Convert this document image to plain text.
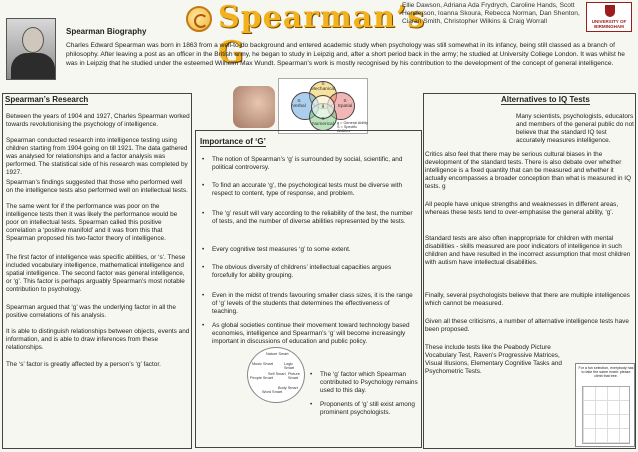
Spearman’s G
Ellie Dawson, Adriana Ada Frydrych, Caroline Hands, Scott Henderson, Ioanna Skoura, Rebecca Norman, Dan Shenton, Ciaran Smith, Christopher Wilkins & Craig Worrall	UNIVERSITY OF BIRMINGHAM
Spearman Biography
Charles Edward Spearman was born in 1863 from a well-to-do background and entered academic study when psychology was still somewhat in its infancy, being still classed as a branch of philosophy. After leaving a post as an officer in the British army, he began to study in Leipzig and, after a short period back in the army; he studied at University College London. It was whilst he was in Leipzig that he studied under the esteemed Wilhelm Max Wundt. Spearman’s work is mostly recognised by his contribution to the development of the concept of general intelligence.
Spearman’s Research
Between the years of 1904 and 1927, Charles Spearman worked towards revolutionising the psychology of intelligence.
Spearman conducted research into intelligence testing using children starting from 1904 going on till 1921. The data gathered was analysed for relationships and a factor analysis was performed. The statistical side of his research was completed by 1927.
Spearman’s findings suggested that those who performed well on the intelligence tests also performed well on intellectual tests.
The same went for if the performance was poor on the intelligence tests then it was likely the performance would be poor on intellectual tests. Spearman called this positive correlation a ‘positive manifold’ and it was from this that Spearman proposed his two-factor theory of intelligence.
The first factor of intelligence was specific abilities, or ‘s’. These included vocabulary intelligence, mathematical intelligence and spatial intelligence. The second factor was general intelligence, or ‘g’. This factor is perhaps arguably Spearman’s most notable contribution to psychology.
Spearman argued that ‘g’ was the underlying factor in all the positive correlations of his analysis.
It is able to distinguish relationships between objects, events and information, and is able to draw inferences from these relationships.
The ‘s’ factor is greatly affected by a person’s ‘g’ factor.
S
Mechanical
S
Verbal	g
S
Spatial
S
Numerical g = General Ability
S = Specific Abilities
Importance of ‘G’
• The notion of Spearman’s ‘g’ is surrounded by social, scientific, and political controversy.
• To find an accurate ‘g’, the psychological tests must be diverse with respect to content, type of response, and problem.
• The ‘g’ result will vary according to the reliability of the test, the number of tests, and the number of diverse abilities represented by the tests.
• Every cognitive test measures ‘g’ to some extent.
• The obvious diversity of childrens’ intellectual capacities argues forcefully for ability grouping.
• Even in the midst of trends favouring smaller class sizes, it is the range of ‘g’ levels of the students that determines the effectiveness of teaching.
• As global societies continue their movement toward technology based economies, intelligence and Spearman’s ‘g’ will become increasingly important in discussions of education and public policy.
Nature Smart
Music Smart	Logic Smart
Picture Smart
Body Smart
Word Smart
People Smart
Self Smart
•	The ‘g’ factor which Spearman contributed to Psychology remains used to this day.
• Proponents of ‘g’ still exist among prominent psychologists.
Alternatives to IQ Tests
Many scientists, psychologists, educators and members of the general public do not believe that the standard IQ test accurately measures intelligence.
Critics also feel that there may be serious cultural biases in the development of the standard tests. There is also debate over whether intelligence is a fixed quantity that can be measured and whether it actually encompasses a broader conception than what is measured in IQ tests. g
All people have unique strengths and weaknesses in different areas, whereas these tests tend to over-emphasise the general ability, ‘g’.
Standard tests are also often inappropriate for children with mental disabilities - skills measured are poor indicators of intelligence in such children and have resulted in the incorrect assumption that most children with autism have intellectual disabilities.
Finally, several psychologists believe that there are multiple intelligences which cannot be measured.
Given all these criticisms, a number of alternative intelligence tests have been proposed.
These include tests like the Peabody Picture Vocabulary Test, Raven’s Progressive Matrices, Visual Illusions, Elementary Cognitive Tasks and Psychometric Tests.	For a fun selection, everybody has to take the same exam: please climb that tree.
